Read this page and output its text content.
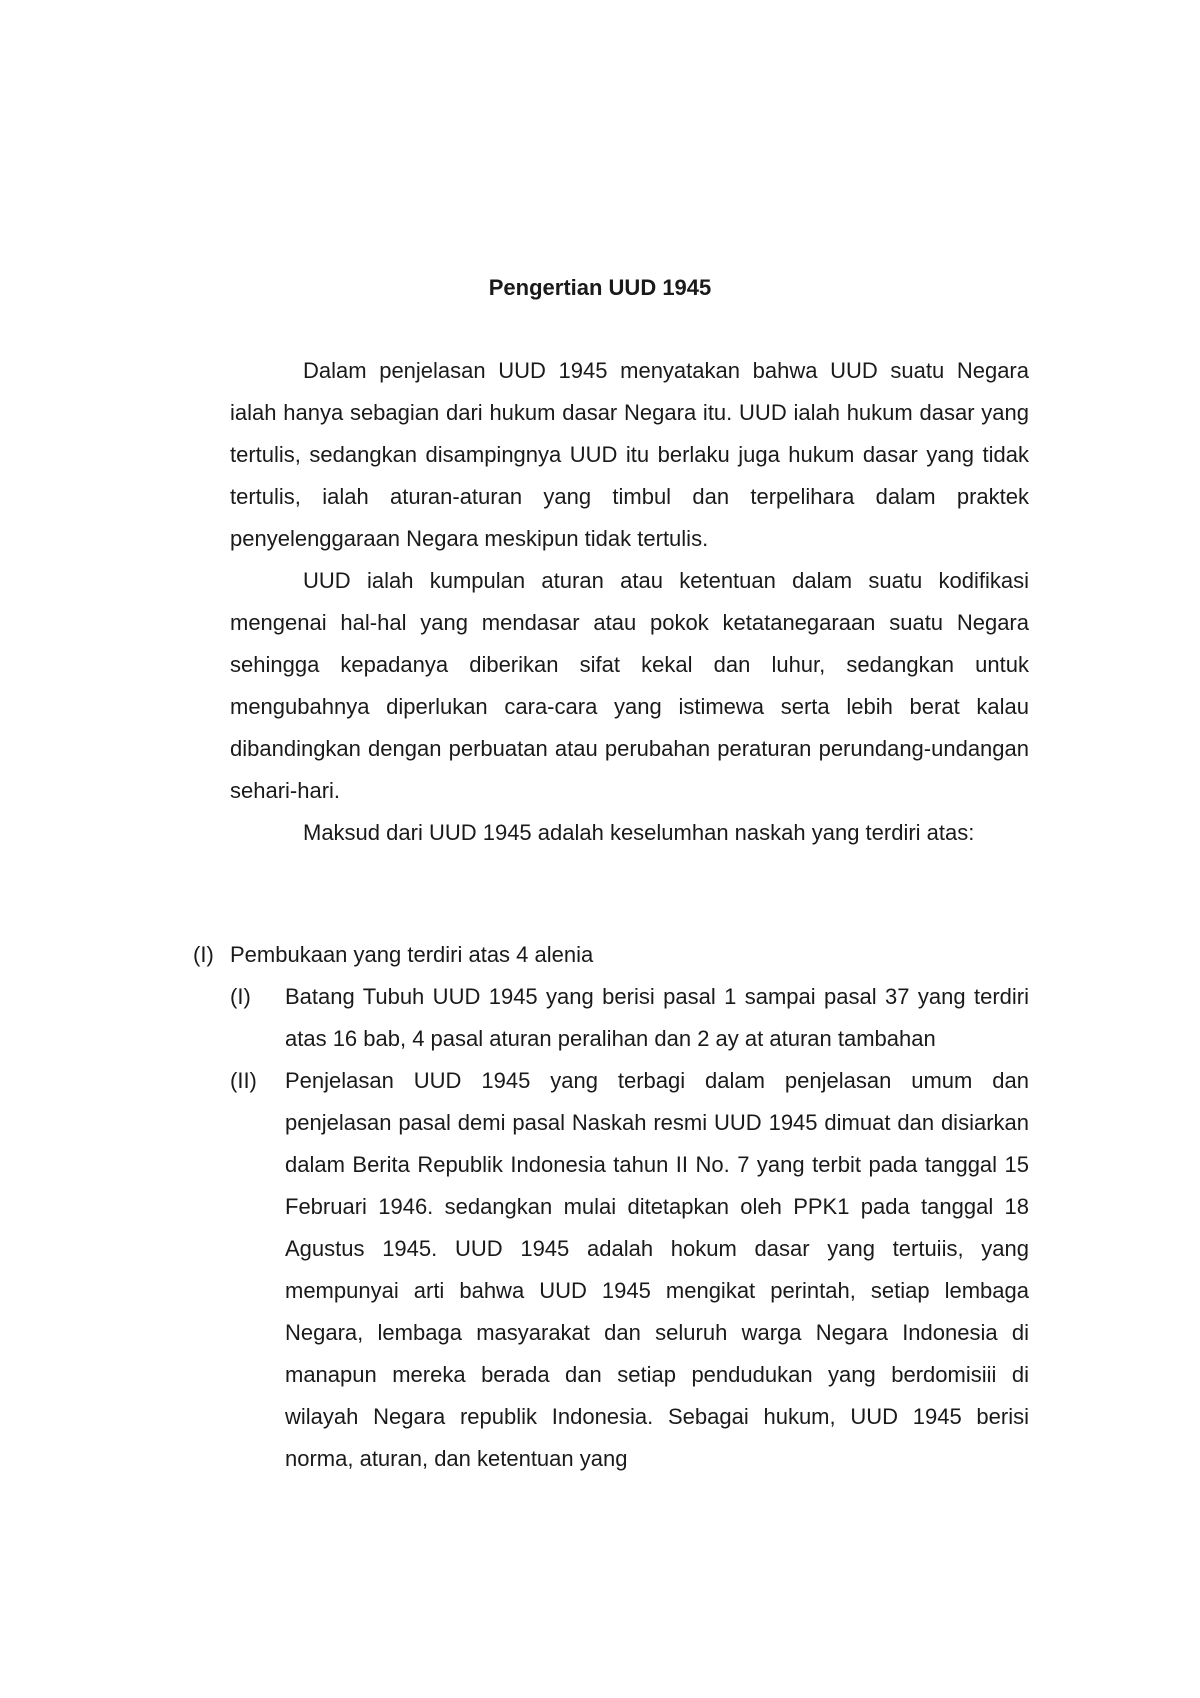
Pengertian UUD 1945

Dalam penjelasan UUD 1945 menyatakan bahwa UUD suatu Negara ialah hanya sebagian dari hukum dasar Negara itu. UUD ialah hukum dasar yang tertulis, sedangkan disampingnya UUD itu berlaku juga hukum dasar yang tidak tertulis, ialah aturan-aturan yang timbul dan terpelihara dalam praktek penyelenggaraan Negara meskipun tidak tertulis.

UUD ialah kumpulan aturan atau ketentuan dalam suatu kodifikasi mengenai hal-hal yang mendasar atau pokok ketatanegaraan suatu Negara sehingga kepadanya diberikan sifat kekal dan luhur, sedangkan untuk mengubahnya diperlukan cara-cara yang istimewa serta lebih berat kalau dibandingkan dengan perbuatan atau perubahan peraturan perundang-undangan sehari-hari.

Maksud dari UUD 1945 adalah keselumhan naskah yang terdiri atas:

(I) Pembukaan yang terdiri atas 4 alenia
(I)	Batang Tubuh UUD 1945 yang berisi pasal 1 sampai pasal 37 yang terdiri atas 16 bab, 4 pasal aturan peralihan dan 2 ay at aturan tambahan
(II)	Penjelasan UUD 1945 yang terbagi dalam penjelasan umum dan penjelasan pasal demi pasal Naskah resmi UUD 1945 dimuat dan disiarkan dalam Berita Republik Indonesia tahun II No. 7 yang terbit pada tanggal 15 Februari 1946. sedangkan mulai ditetapkan oleh PPK1 pada tanggal 18 Agustus 1945. UUD 1945 adalah hokum dasar yang tertuiis, yang mempunyai arti bahwa UUD 1945 mengikat perintah, setiap lembaga Negara, lembaga masyarakat dan seluruh warga Negara Indonesia di manapun mereka berada dan setiap pendudukan yang berdomisiii di wilayah Negara republik Indonesia. Sebagai hukum, UUD 1945 berisi norma, aturan, dan ketentuan yang
